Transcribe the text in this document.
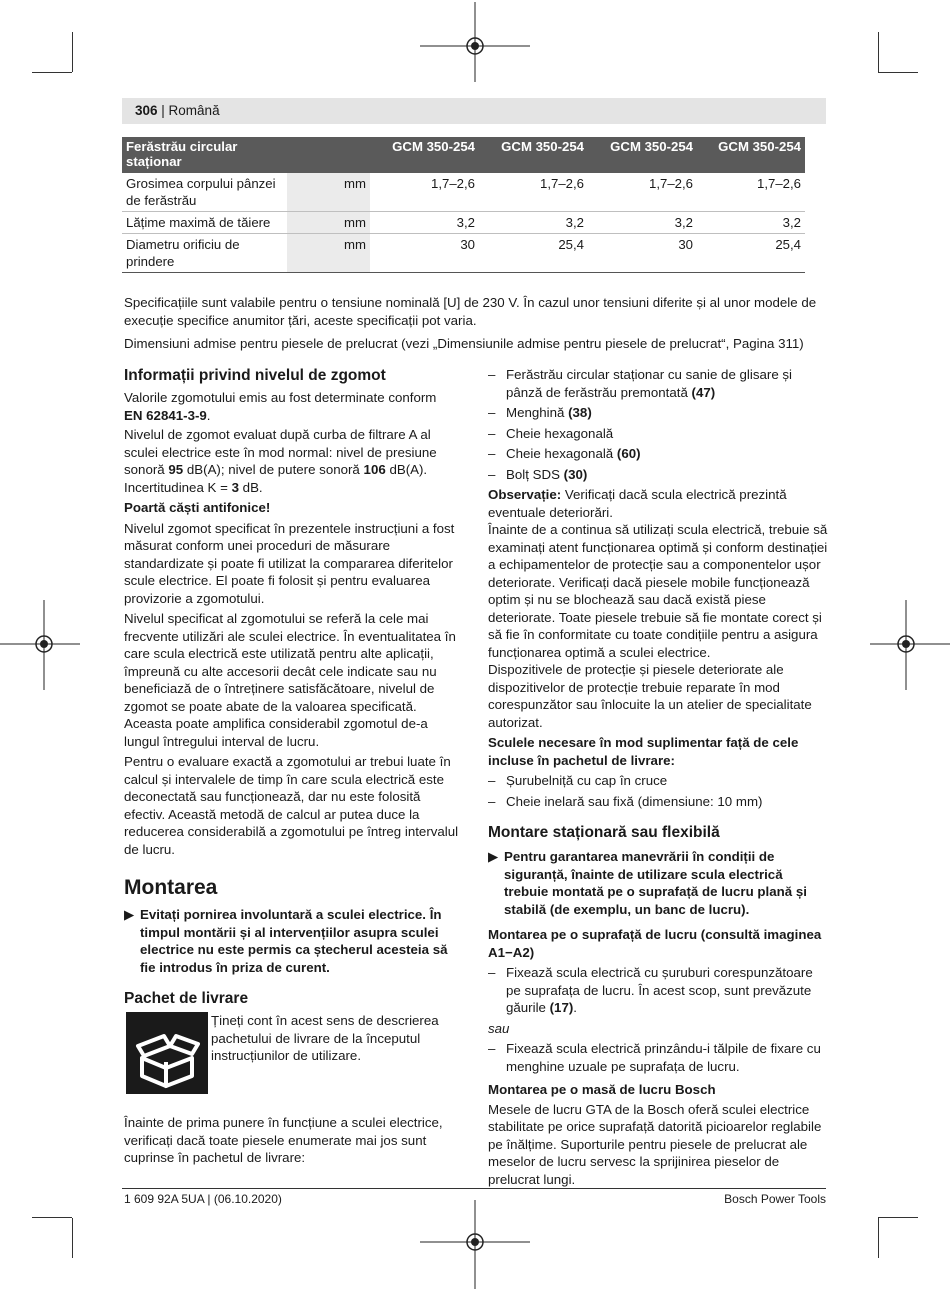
306 | Română
Ferăstrău circular staționar		GCM 350-254	GCM 350-254	GCM 350-254	GCM 350-254
Grosimea corpului pânzei de ferăstrău	mm	1,7–2,6	1,7–2,6	1,7–2,6	1,7–2,6
Lățime maximă de tăiere	mm	3,2	3,2	3,2	3,2
Diametru orificiu de prindere	mm	30	25,4	30	25,4
Specificațiile sunt valabile pentru o tensiune nominală [U] de 230 V. În cazul unor tensiuni diferite și al unor modele de execuție specifice anumitor țări, aceste specificații pot varia.
Dimensiuni admise pentru piesele de prelucrat (vezi „Dimensiunile admise pentru piesele de prelucrat“, Pagina 311)
Informații privind nivelul de zgomot
Valorile zgomotului emis au fost determinate conform
EN 62841-3-9.
Nivelul de zgomot evaluat după curba de filtrare A al sculei electrice este în mod normal: nivel de presiune sonoră 95 dB(A); nivel de putere sonoră 106 dB(A). Incertitudinea K = 3 dB.
Poartă căști antifonice!
Nivelul zgomot specificat în prezentele instrucțiuni a fost măsurat conform unei proceduri de măsurare standardizate și poate fi utilizat la compararea diferitelor scule electrice. El poate fi folosit și pentru evaluarea provizorie a zgomotului.
Nivelul specificat al zgomotului se referă la cele mai frecvente utilizări ale sculei electrice. În eventualitatea în care scula electrică este utilizată pentru alte aplicații, împreună cu alte accesorii decât cele indicate sau nu beneficiază de o întreținere satisfăcătoare, nivelul de zgomot se poate abate de la valoarea specificată. Aceasta poate amplifica considerabil zgomotul de-a lungul întregului interval de lucru.
Pentru o evaluare exactă a zgomotului ar trebui luate în calcul și intervalele de timp în care scula electrică este deconectată sau funcționează, dar nu este folosită efectiv. Această metodă de calcul ar putea duce la reducerea considerabilă a zgomotului pe întreg intervalul de lucru.
Montarea
▶ Evitați pornirea involuntară a sculei electrice. În timpul montării și al intervențiilor asupra sculei electrice nu este permis ca ștecherul acesteia să fie introdus în priza de curent.
Pachet de livrare
Țineți cont în acest sens de descrierea pachetului de livrare de la începutul instrucțiunilor de utilizare.
Înainte de prima punere în funcțiune a sculei electrice, verificați dacă toate piesele enumerate mai jos sunt cuprinse în pachetul de livrare:
– Ferăstrău circular staționar cu sanie de glisare și pânză de ferăstrău premontată (47)
– Menghină (38)
– Cheie hexagonală
– Cheie hexagonală (60)
– Bolț SDS (30)
Observație: Verificați dacă scula electrică prezintă eventuale deteriorări.
Înainte de a continua să utilizați scula electrică, trebuie să examinați atent funcționarea optimă și conform destinației a echipamentelor de protecție sau a componentelor ușor deteriorate. Verificați dacă piesele mobile funcționează optim și nu se blochează sau dacă există piese deteriorate. Toate piesele trebuie să fie montate corect și să fie în conformitate cu toate condițiile pentru a asigura funcționarea optimă a sculei electrice.
Dispozitivele de protecție și piesele deteriorate ale dispozitivelor de protecție trebuie reparate în mod corespunzător sau înlocuite la un atelier de specialitate autorizat.
Sculele necesare în mod suplimentar față de cele incluse în pachetul de livrare:
– Șurubelniță cu cap în cruce
– Cheie inelară sau fixă (dimensiune: 10 mm)
Montare staționară sau flexibilă
▶ Pentru garantarea manevrării în condiții de siguranță, înainte de utilizare scula electrică trebuie montată pe o suprafață de lucru plană și stabilă (de exemplu, un banc de lucru).
Montarea pe o suprafață de lucru (consultă imaginea A1−A2)
– Fixează scula electrică cu șuruburi corespunzătoare pe suprafața de lucru. În acest scop, sunt prevăzute găurile (17).
sau
– Fixează scula electrică prinzându-i tălpile de fixare cu menghine uzuale pe suprafața de lucru.
Montarea pe o masă de lucru Bosch
Mesele de lucru GTA de la Bosch oferă sculei electrice stabilitate pe orice suprafață datorită picioarelor reglabile pe înălțime. Suporturile pentru piesele de prelucrat ale meselor de lucru servesc la sprijinirea pieselor de prelucrat lungi.
1 609 92A 5UA | (06.10.2020)	Bosch Power Tools
